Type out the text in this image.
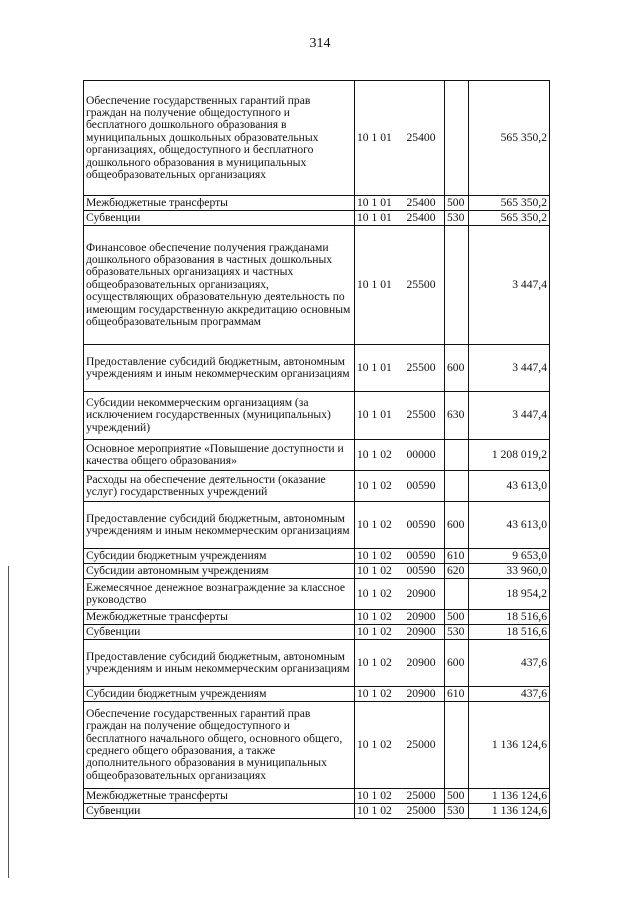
314
Обеспечение государственных гарантий прав граждан на получение общедоступного и бесплатного дошкольного образования в муниципальных дошкольных образовательных организациях, общедоступного и бесплатного дошкольного образования в муниципальных общеобразовательных организациях	10 1 01	25400		565 350,2
Межбюджетные трансферты	10 1 01	25400	500	565 350,2
Субвенции	10 1 01	25400	530	565 350,2
Финансовое обеспечение получения гражданами дошкольного образования в частных дошкольных образовательных организациях и частных общеобразовательных организациях, осуществляющих образовательную деятельность по имеющим государственную аккредитацию основным общеобразовательным программам	10 1 01	25500		3 447,4
Предоставление субсидий бюджетным, автономным учреждениям и иным некоммерческим организациям	10 1 01	25500	600	3 447,4
Субсидии некоммерческим организациям (за исключением государственных (муниципальных) учреждений)	10 1 01	25500	630	3 447,4
Основное мероприятие «Повышение доступности и качества общего образования»	10 1 02	00000		1 208 019,2
Расходы на обеспечение деятельности (оказание услуг) государственных учреждений	10 1 02	00590		43 613,0
Предоставление субсидий бюджетным, автономным учреждениям и иным некоммерческим организациям	10 1 02	00590	600	43 613,0
Субсидии бюджетным учреждениям	10 1 02	00590	610	9 653,0
Субсидии автономным учреждениям	10 1 02	00590	620	33 960,0
Ежемесячное денежное вознаграждение за классное руководство	10 1 02	20900		18 954,2
Межбюджетные трансферты	10 1 02	20900	500	18 516,6
Субвенции	10 1 02	20900	530	18 516,6
Предоставление субсидий бюджетным, автономным учреждениям и иным некоммерческим организациям	10 1 02	20900	600	437,6
Субсидии бюджетным учреждениям	10 1 02	20900	610	437,6
Обеспечение государственных гарантий прав граждан на получение общедоступного и бесплатного начального общего, основного общего, среднего общего образования, а также дополнительного образования в муниципальных общеобразовательных организациях	10 1 02	25000		1 136 124,6
Межбюджетные трансферты	10 1 02	25000	500	1 136 124,6
Субвенции	10 1 02	25000	530	1 136 124,6
